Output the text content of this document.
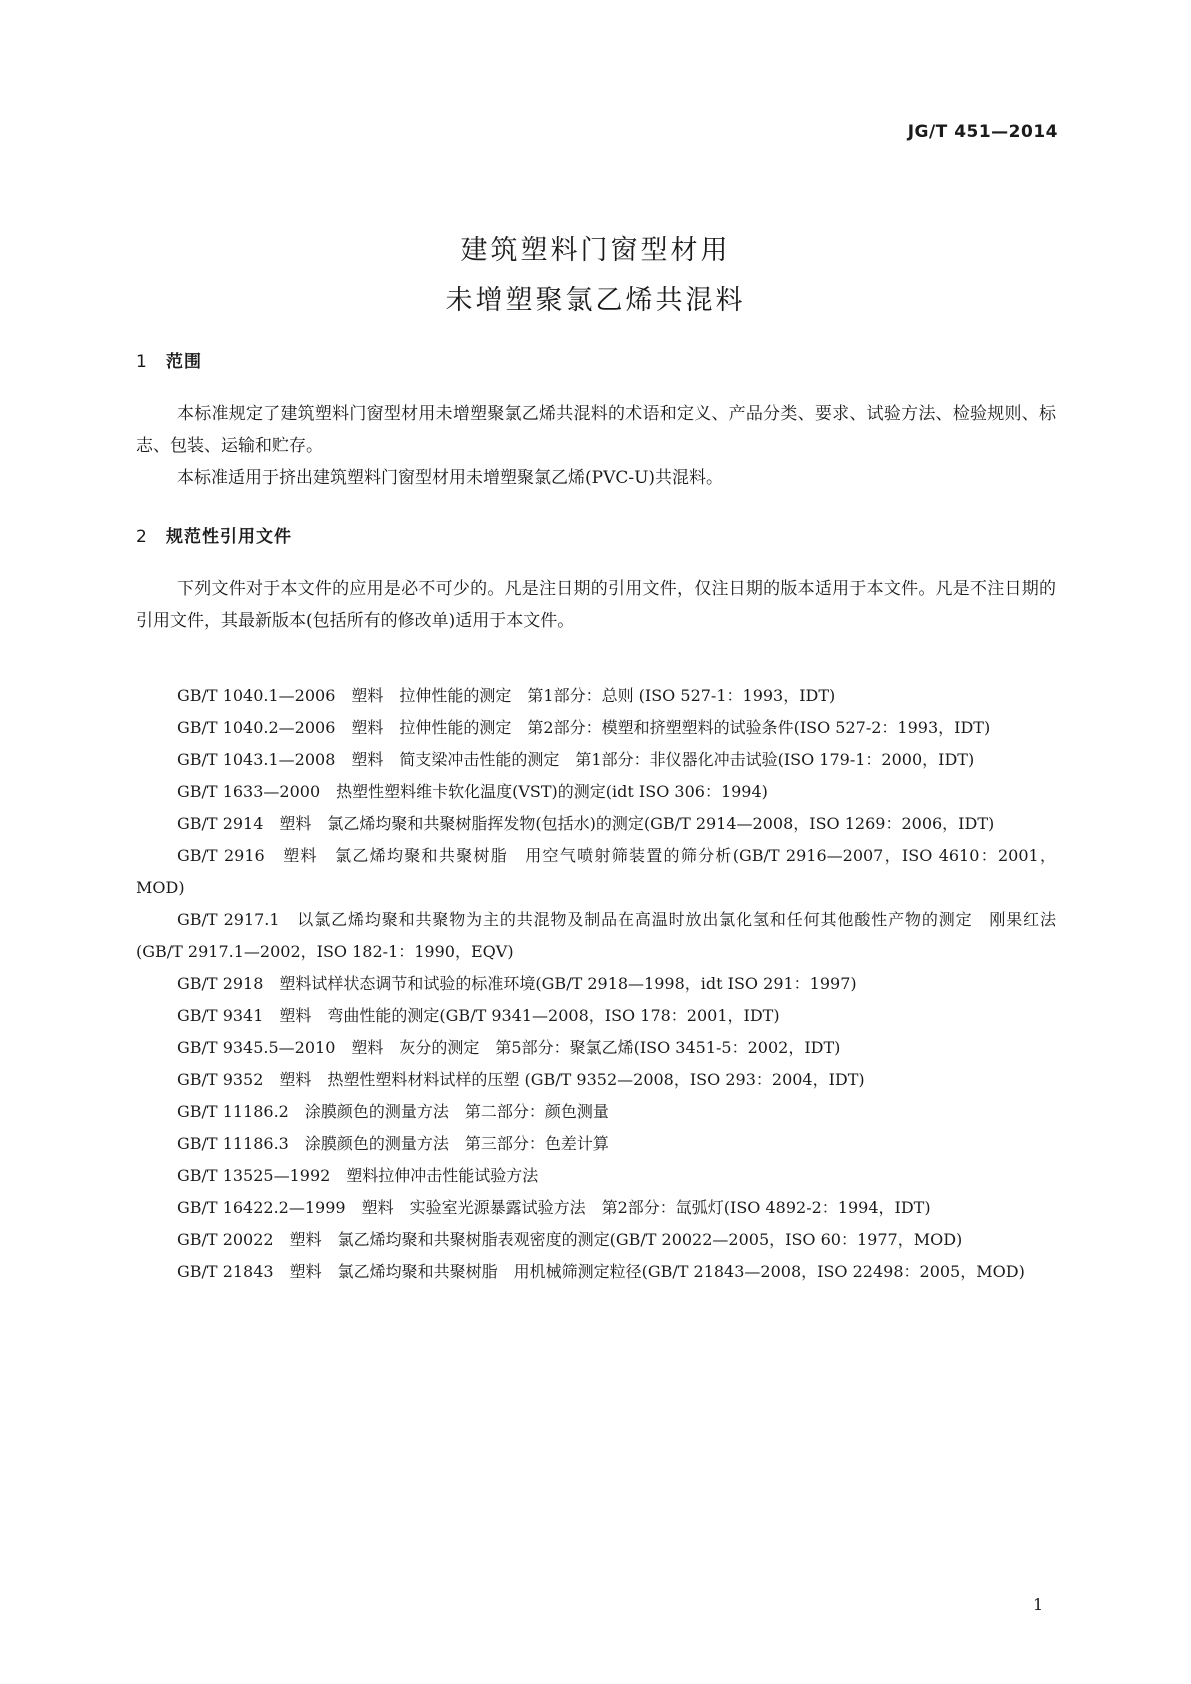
JG/T 451—2014
建筑塑料门窗型材用
未增塑聚氯乙烯共混料
1 范围

本标准规定了建筑塑料门窗型材用未增塑聚氯乙烯共混料的术语和定义、产品分类、要求、试验方法、检验规则、标志、包装、运输和贮存。

本标准适用于挤出建筑塑料门窗型材用未增塑聚氯乙烯(PVC-U)共混料。

2 规范性引用文件

下列文件对于本文件的应用是必不可少的。凡是注日期的引用文件，仅注日期的版本适用于本文件。凡是不注日期的引用文件，其最新版本(包括所有的修改单)适用于本文件。

GB/T 1040.1—2006　塑料　拉伸性能的测定　第1部分：总则 (ISO 527-1：1993，IDT)
GB/T 1040.2—2006　塑料　拉伸性能的测定　第2部分：模塑和挤塑塑料的试验条件(ISO 527-2：1993，IDT)
GB/T 1043.1—2008　塑料　简支梁冲击性能的测定　第1部分：非仪器化冲击试验(ISO 179-1：2000，IDT)
GB/T 1633—2000　热塑性塑料维卡软化温度(VST)的测定(idt ISO 306：1994)
GB/T 2914　塑料　氯乙烯均聚和共聚树脂挥发物(包括水)的测定(GB/T 2914—2008，ISO 1269：2006，IDT)
GB/T 2916　塑料　氯乙烯均聚和共聚树脂　用空气喷射筛装置的筛分析(GB/T 2916—2007，ISO 4610：2001，MOD)
GB/T 2917.1　以氯乙烯均聚和共聚物为主的共混物及制品在高温时放出氯化氢和任何其他酸性产物的测定　刚果红法(GB/T 2917.1—2002，ISO 182-1：1990，EQV)
GB/T 2918　塑料试样状态调节和试验的标准环境(GB/T 2918—1998，idt ISO 291：1997)
GB/T 9341　塑料　弯曲性能的测定(GB/T 9341—2008，ISO 178：2001，IDT)
GB/T 9345.5—2010　塑料　灰分的测定　第5部分：聚氯乙烯(ISO 3451-5：2002，IDT)
GB/T 9352　塑料　热塑性塑料材料试样的压塑 (GB/T 9352—2008，ISO 293：2004，IDT)
GB/T 11186.2　涂膜颜色的测量方法　第二部分：颜色测量
GB/T 11186.3　涂膜颜色的测量方法　第三部分：色差计算
GB/T 13525—1992　塑料拉伸冲击性能试验方法
GB/T 16422.2—1999　塑料　实验室光源暴露试验方法　第2部分：氙弧灯(ISO 4892-2：1994，IDT)
GB/T 20022　塑料　氯乙烯均聚和共聚树脂表观密度的测定(GB/T 20022—2005，ISO 60：1977，MOD)
GB/T 21843　塑料　氯乙烯均聚和共聚树脂　用机械筛测定粒径(GB/T 21843—2008，ISO 22498：2005，MOD)
1
